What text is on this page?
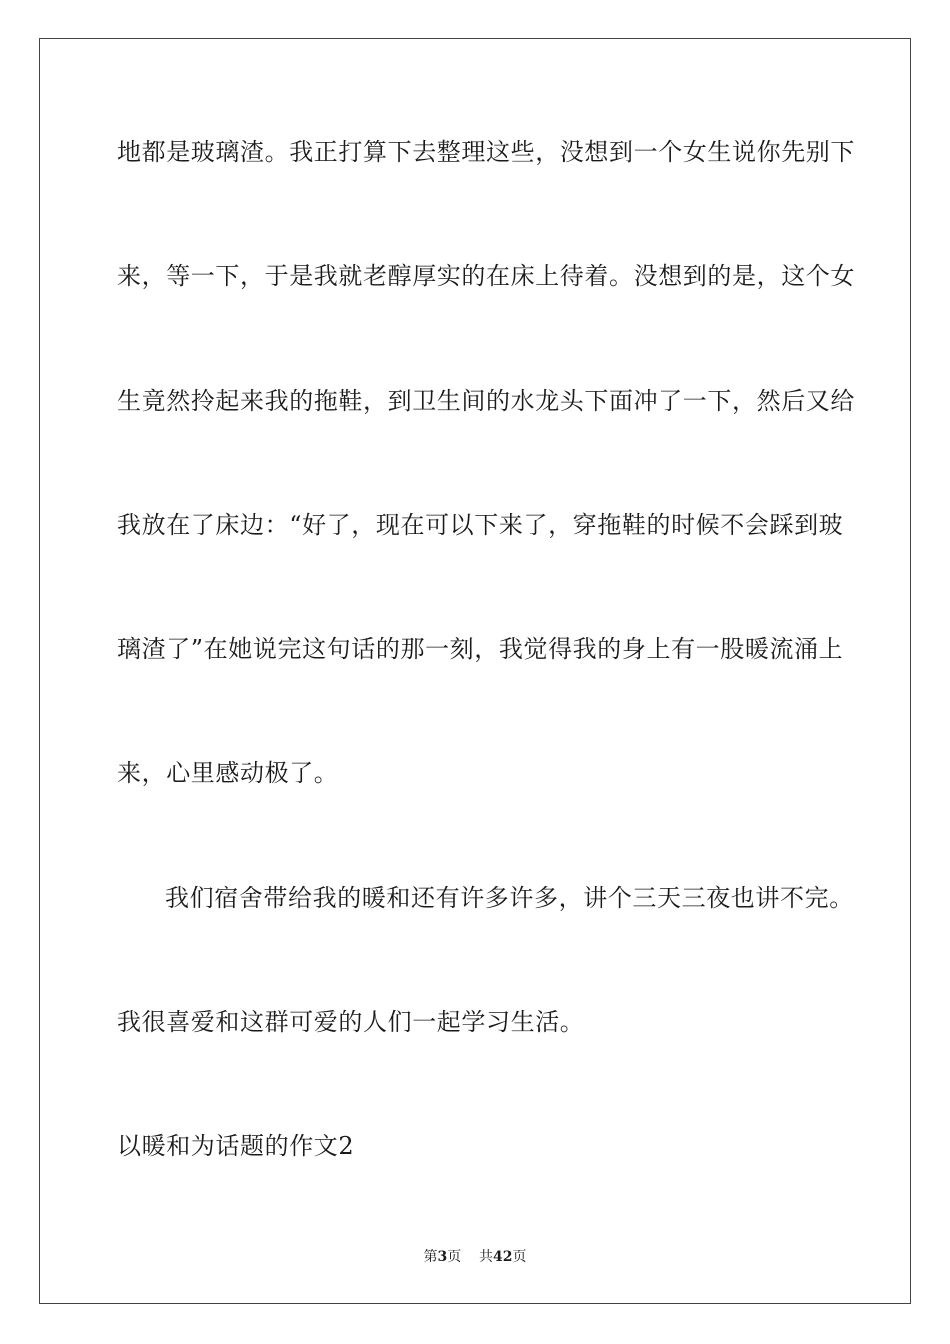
地都是玻璃渣。我正打算下去整理这些，没想到一个女生说你先别下
来，等一下，于是我就老醇厚实的在床上待着。没想到的是，这个女
生竟然拎起来我的拖鞋，到卫生间的水龙头下面冲了一下，然后又给
我放在了床边：“好了，现在可以下来了，穿拖鞋的时候不会踩到玻
璃渣了”在她说完这句话的那一刻，我觉得我的身上有一股暖流涌上
来，心里感动极了。
我们宿舍带给我的暖和还有许多许多，讲个三天三夜也讲不完。
我很喜爱和这群可爱的人们一起学习生活。
以暖和为话题的作文2
第3页 共42页
